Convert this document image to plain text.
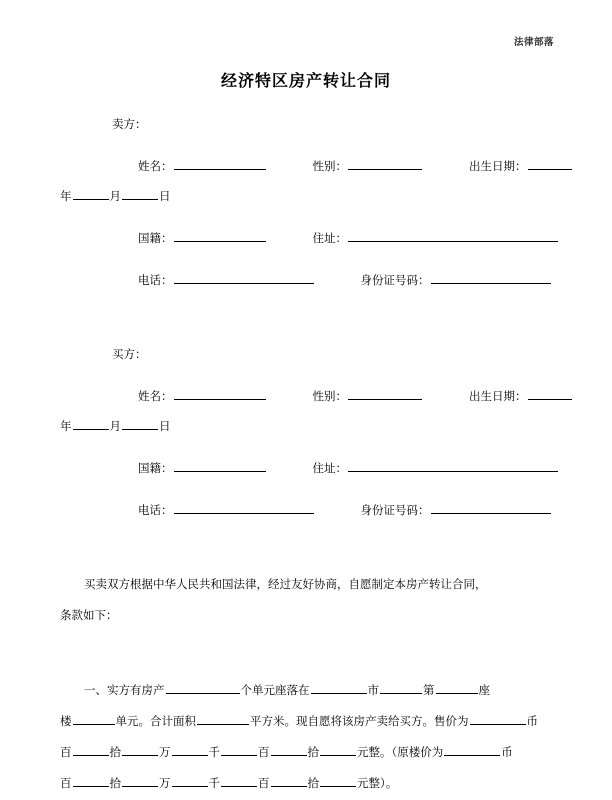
法律部落
经济特区房产转让合同
卖方：
姓名：	性别：	出生日期：
年	月	日
国籍：	住址：
电话：	身份证号码：
买方：
姓名：	性别：	出生日期：
年	月	日
国籍：	住址：
电话：	身份证号码：
买卖双方根据中华人民共和国法律，经过友好协商，自愿制定本房产转让合同，
条款如下：
一、实方有房产	个单元座落在	市	第	座
楼	单元。合计面积	平方米。现自愿将该房产卖给买方。售价为	币
百	拾	万	千	百	拾	元整。（原楼价为	币
百	拾	万	千	百	拾	元整）。
